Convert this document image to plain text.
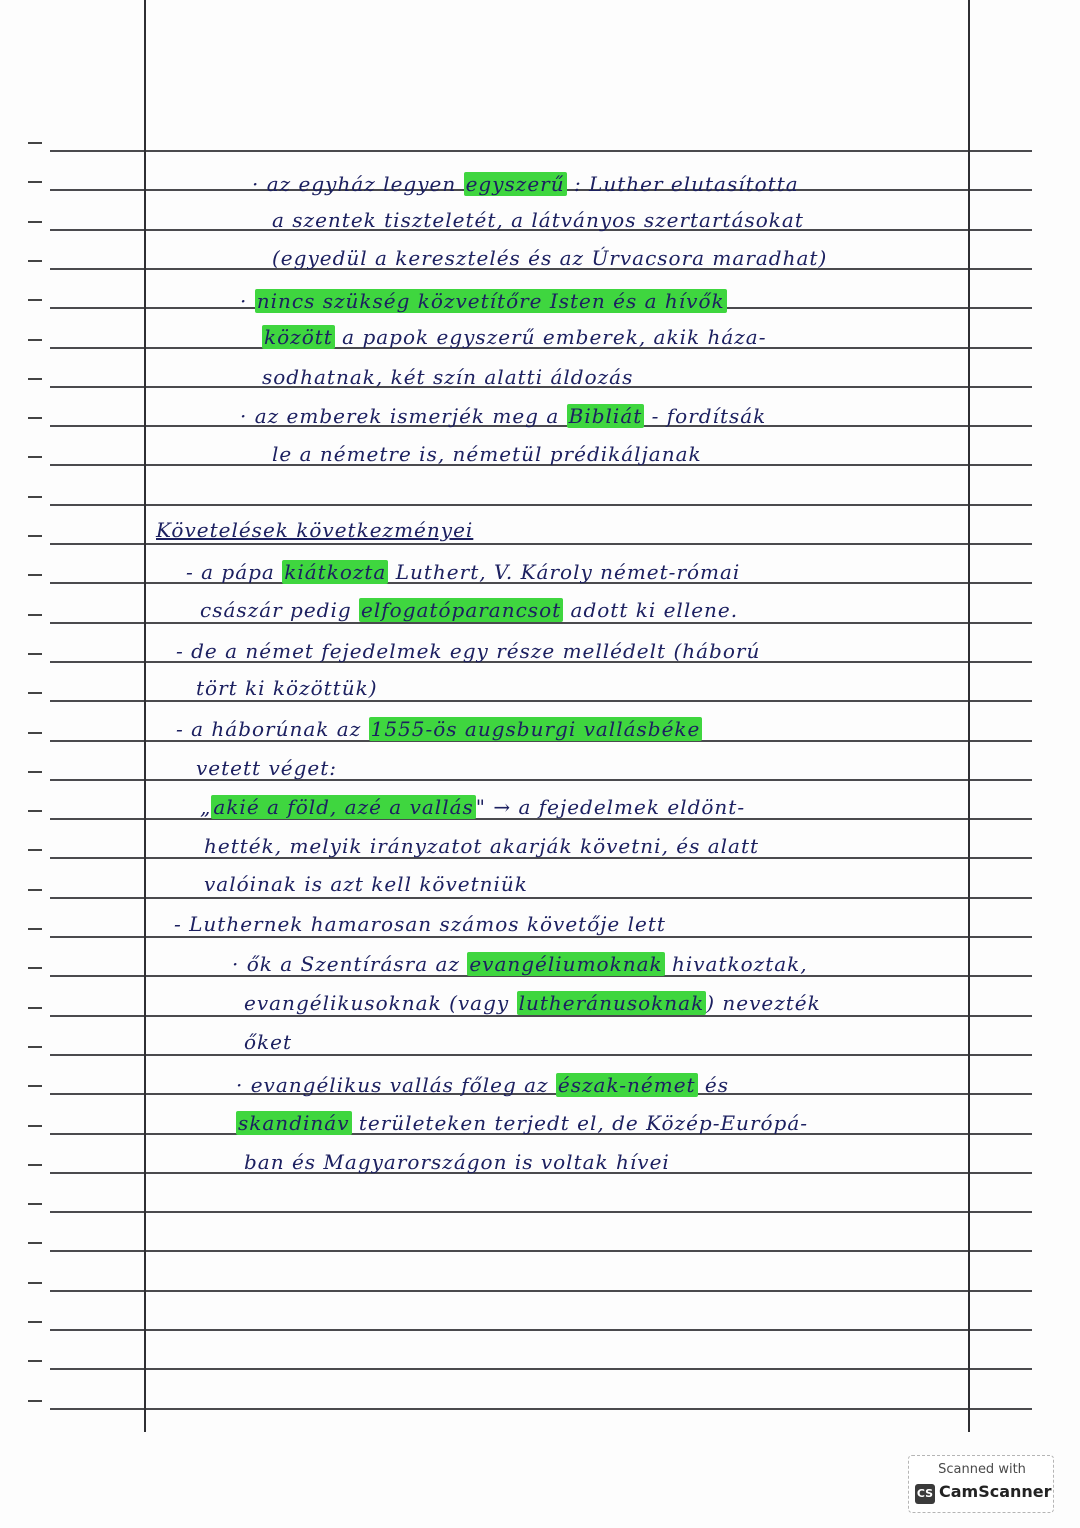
· az egyház legyen egyszerű : Luther elutasította
a szentek tiszteletét, a látványos szertartásokat
(egyedül a keresztelés és az Úrvacsora maradhat)
· nincs szükség közvetítőre Isten és a hívők
között a papok egyszerű emberek, akik háza-
sodhatnak, két szín alatti áldozás
· az emberek ismerjék meg a Bibliát - fordítsák
le a németre is, németül prédikáljanak
Követelések következményei
- a pápa kiátkozta Luthert, V. Károly német-római
császár pedig elfogatóparancsot adott ki ellene.
- de a német fejedelmek egy része mellédelt (háború
tört ki közöttük)
- a háborúnak az 1555-ös augsburgi vallásbéke
vetett véget:
„ akié a föld, azé a vallás " → a fejedelmek eldönt-
hették, melyik irányzatot akarják követni, és alatt
valóinak is azt kell követniük
- Luthernek hamarosan számos követője lett
· ők a Szentírásra az evangéliumoknak hivatkoztak,
evangélikusoknak (vagy lutheránusoknak ) nevezték
őket
· evangélikus vallás főleg az észak-német és
skandináv területeken terjedt el, de Közép-Európá-
ban és Magyarországon is voltak hívei
Scanned with
CS CamScanner
